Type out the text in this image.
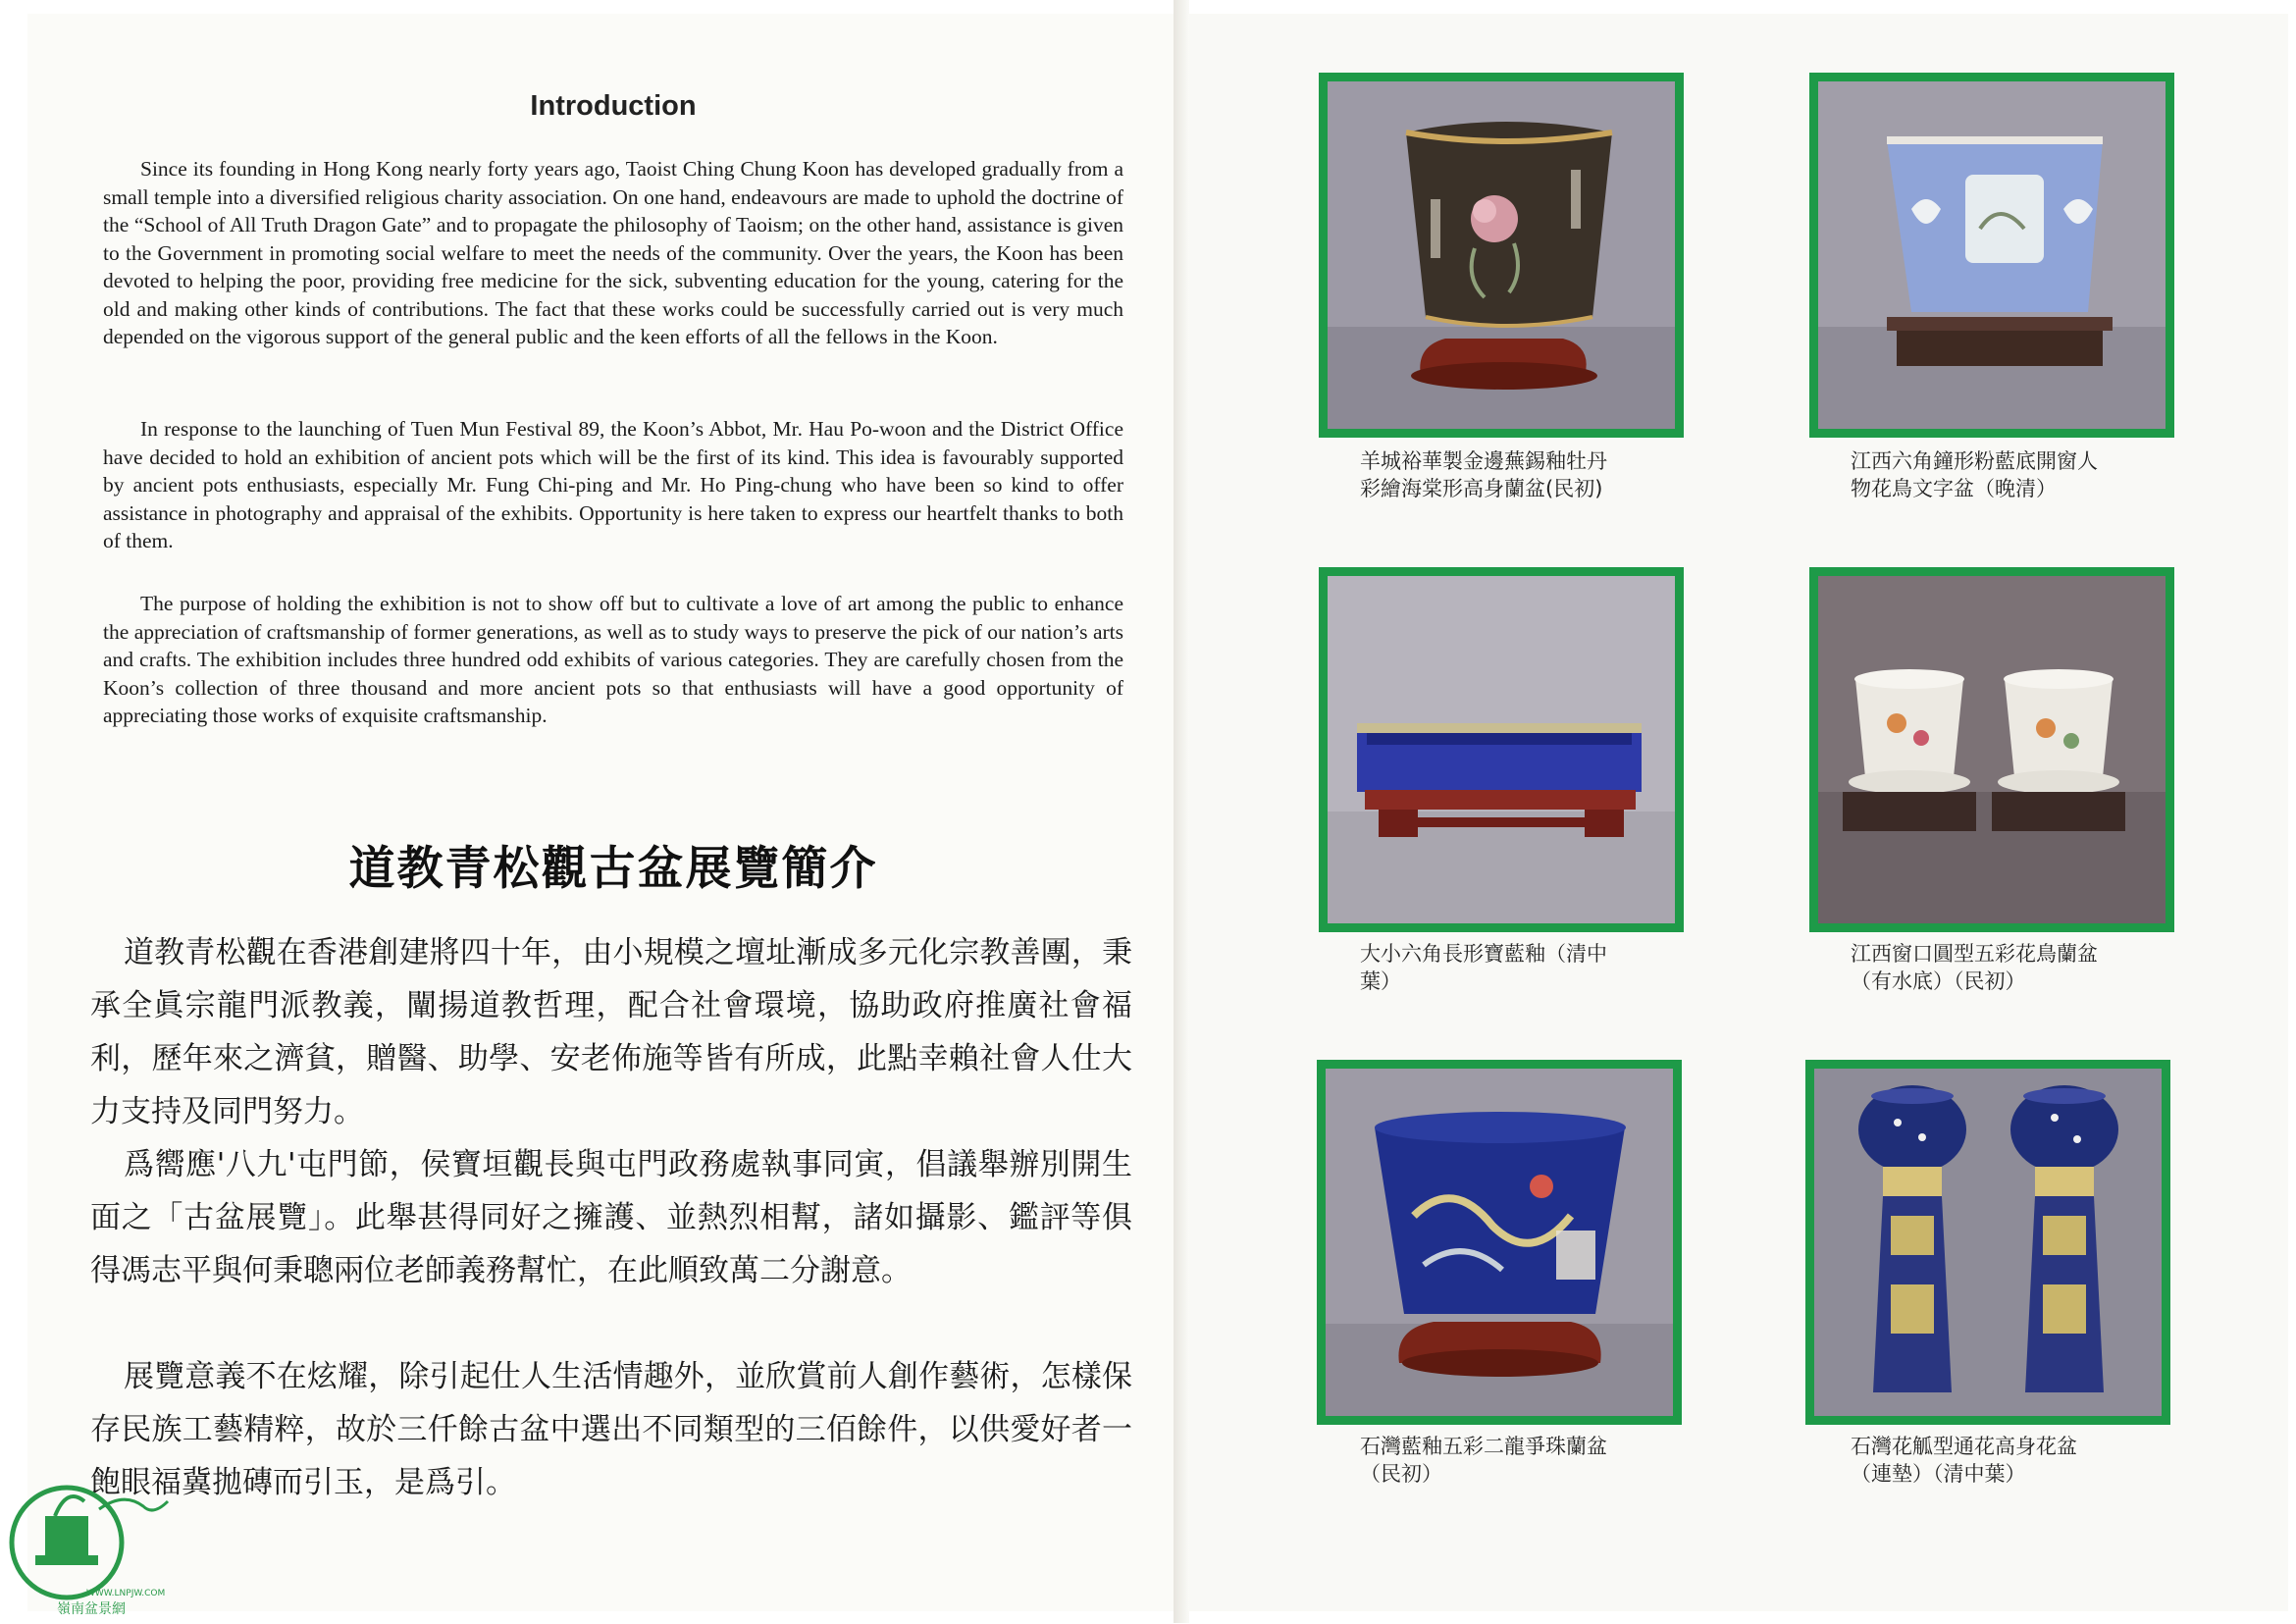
Introduction

Since its founding in Hong Kong nearly forty years ago, Taoist Ching Chung Koon has developed gradually from a small temple into a diversified religious charity association. On one hand, endeavours are made to uphold the doctrine of the “School of All Truth Dragon Gate” and to propagate the philosophy of Taoism; on the other hand, assistance is given to the Government in promoting social welfare to meet the needs of the community. Over the years, the Koon has been devoted to helping the poor, providing free medicine for the sick, subventing education for the young, catering for the old and making other kinds of contributions. The fact that these works could be successfully carried out is very much depended on the vigorous support of the general public and the keen efforts of all the fellows in the Koon.

In response to the launching of Tuen Mun Festival 89, the Koon’s Abbot, Mr. Hau Po-woon and the District Office have decided to hold an exhibition of ancient pots which will be the first of its kind. This idea is favourably supported by ancient pots enthusiasts, especially Mr. Fung Chi-ping and Mr. Ho Ping-chung who have been so kind to offer assistance in photography and appraisal of the exhibits. Opportunity is here taken to express our heartfelt thanks to both of them.

The purpose of holding the exhibition is not to show off but to cultivate a love of art among the public to enhance the appreciation of craftsmanship of former generations, as well as to study ways to preserve the pick of our nation’s arts and crafts. The exhibition includes three hundred odd exhibits of various categories. They are carefully chosen from the Koon’s collection of three thousand and more ancient pots so that enthusiasts will have a good opportunity of appreciating those works of exquisite craftsmanship.

道教青松觀古盆展覽簡介

道教青松觀在香港創建將四十年，由小規模之壇址漸成多元化宗教善團，秉承全眞宗龍門派教義，闡揚道教哲理，配合社會環境，協助政府推廣社會福利，歷年來之濟貧，贈醫、助學、安老佈施等皆有所成，此點幸賴社會人仕大力支持及同門努力。

爲嚮應'八九'屯門節，侯寶垣觀長與屯門政務處執事同寅，倡議舉辦別開生面之「古盆展覽」。此舉甚得同好之擁護、並熱烈相幫，諸如攝影、鑑評等俱得馮志平與何秉聰兩位老師義務幫忙，在此順致萬二分謝意。

展覽意義不在炫耀，除引起仕人生活情趣外，並欣賞前人創作藝術，怎樣保存民族工藝精粹，故於三仟餘古盆中選出不同類型的三佰餘件，以供愛好者一飽眼福冀拋磚而引玉，是爲引。

羊城裕華製金邊蕪錫釉牡丹
彩繪海棠形高身蘭盆(民初)
江西六角鐘形粉藍底開窗人
物花鳥文字盆（晚清）
大小六角長形寶藍釉（清中
葉）
江西窗口圓型五彩花鳥蘭盆
（有水底）（民初）
石灣藍釉五彩二龍爭珠蘭盆
（民初）
石灣花觚型通花高身花盆
（連墊）（清中葉）
WWW.LNPJW.COM
嶺南盆景網
